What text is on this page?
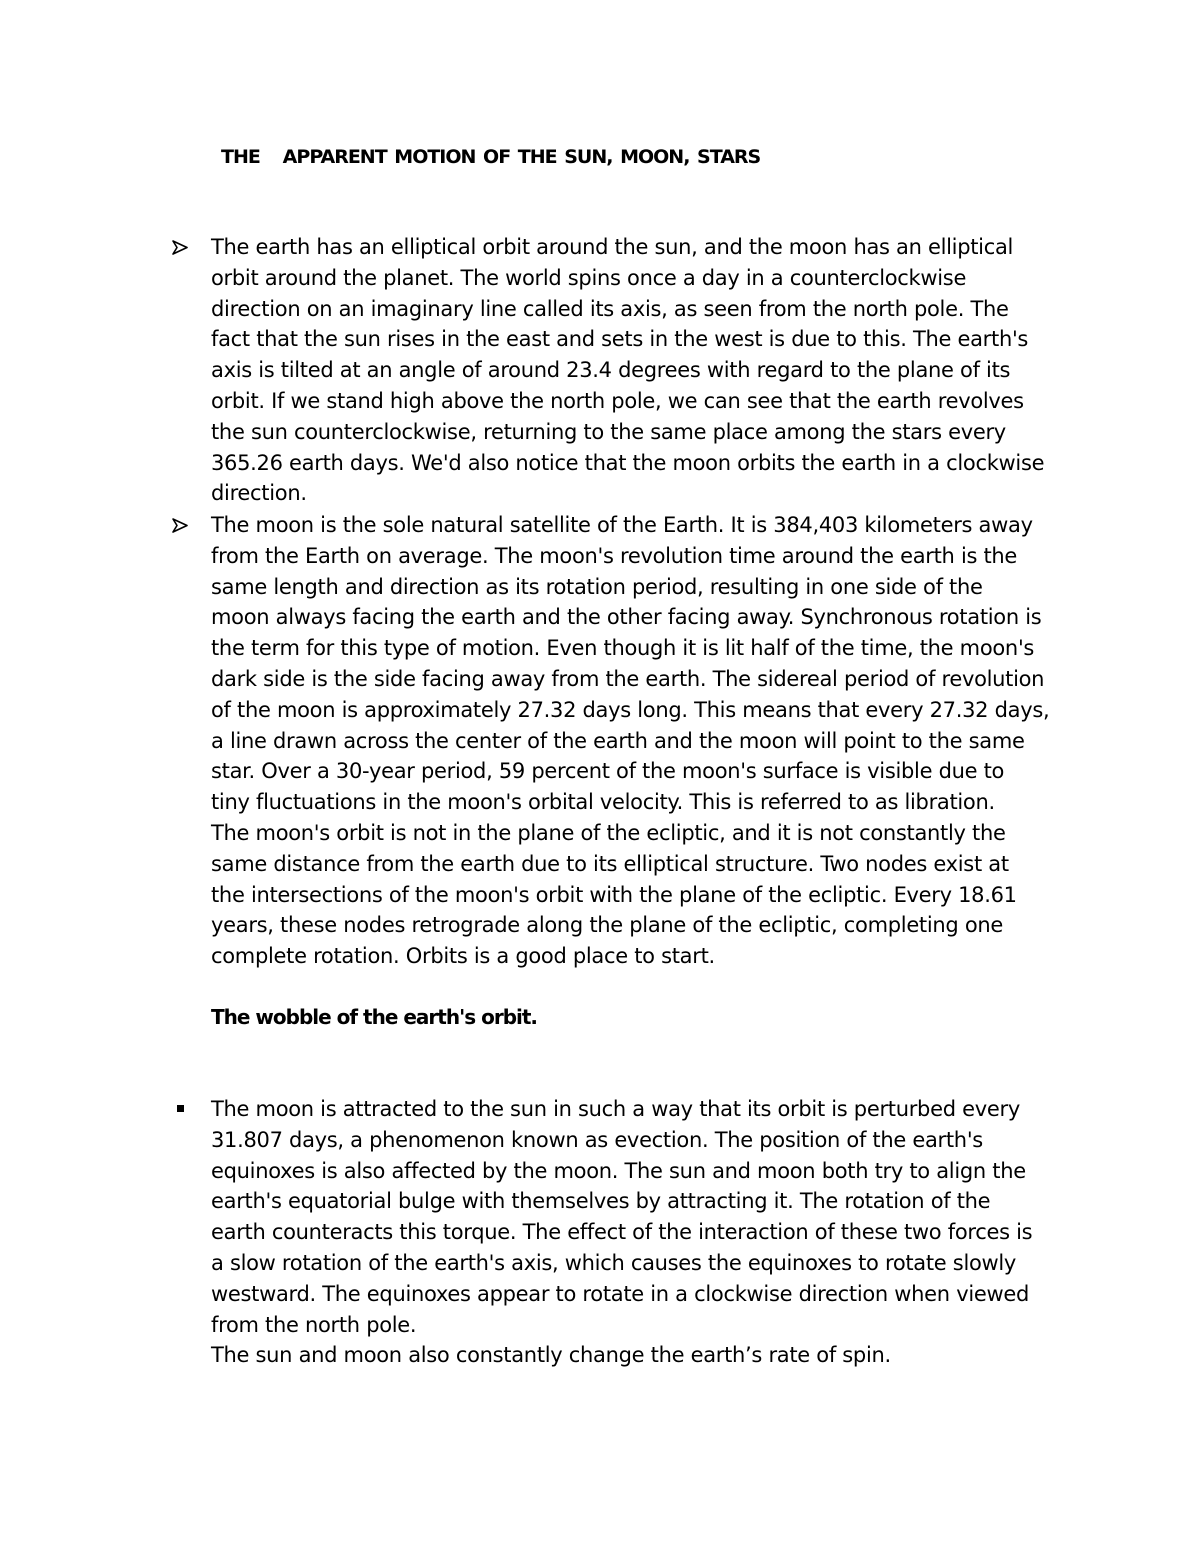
THE   APPARENT MOTION OF THE SUN, MOON, STARS
The earth has an elliptical orbit around the sun, and the moon has an elliptical
orbit around the planet. The world spins once a day in a counterclockwise
direction on an imaginary line called its axis, as seen from the north pole. The
fact that the sun rises in the east and sets in the west is due to this. The earth's
axis is tilted at an angle of around 23.4 degrees with regard to the plane of its
orbit. If we stand high above the north pole, we can see that the earth revolves
the sun counterclockwise, returning to the same place among the stars every
365.26 earth days. We'd also notice that the moon orbits the earth in a clockwise
direction.
The moon is the sole natural satellite of the Earth. It is 384,403 kilometers away
from the Earth on average. The moon's revolution time around the earth is the
same length and direction as its rotation period, resulting in one side of the
moon always facing the earth and the other facing away. Synchronous rotation is
the term for this type of motion. Even though it is lit half of the time, the moon's
dark side is the side facing away from the earth. The sidereal period of revolution
of the moon is approximately 27.32 days long. This means that every 27.32 days,
a line drawn across the center of the earth and the moon will point to the same
star. Over a 30-year period, 59 percent of the moon's surface is visible due to
tiny fluctuations in the moon's orbital velocity. This is referred to as libration.
The moon's orbit is not in the plane of the ecliptic, and it is not constantly the
same distance from the earth due to its elliptical structure. Two nodes exist at
the intersections of the moon's orbit with the plane of the ecliptic. Every 18.61
years, these nodes retrograde along the plane of the ecliptic, completing one
complete rotation. Orbits is a good place to start.
The wobble of the earth's orbit.
The moon is attracted to the sun in such a way that its orbit is perturbed every
31.807 days, a phenomenon known as evection. The position of the earth's
equinoxes is also affected by the moon. The sun and moon both try to align the
earth's equatorial bulge with themselves by attracting it. The rotation of the
earth counteracts this torque. The effect of the interaction of these two forces is
a slow rotation of the earth's axis, which causes the equinoxes to rotate slowly
westward. The equinoxes appear to rotate in a clockwise direction when viewed
from the north pole.
The sun and moon also constantly change the earth’s rate of spin.
